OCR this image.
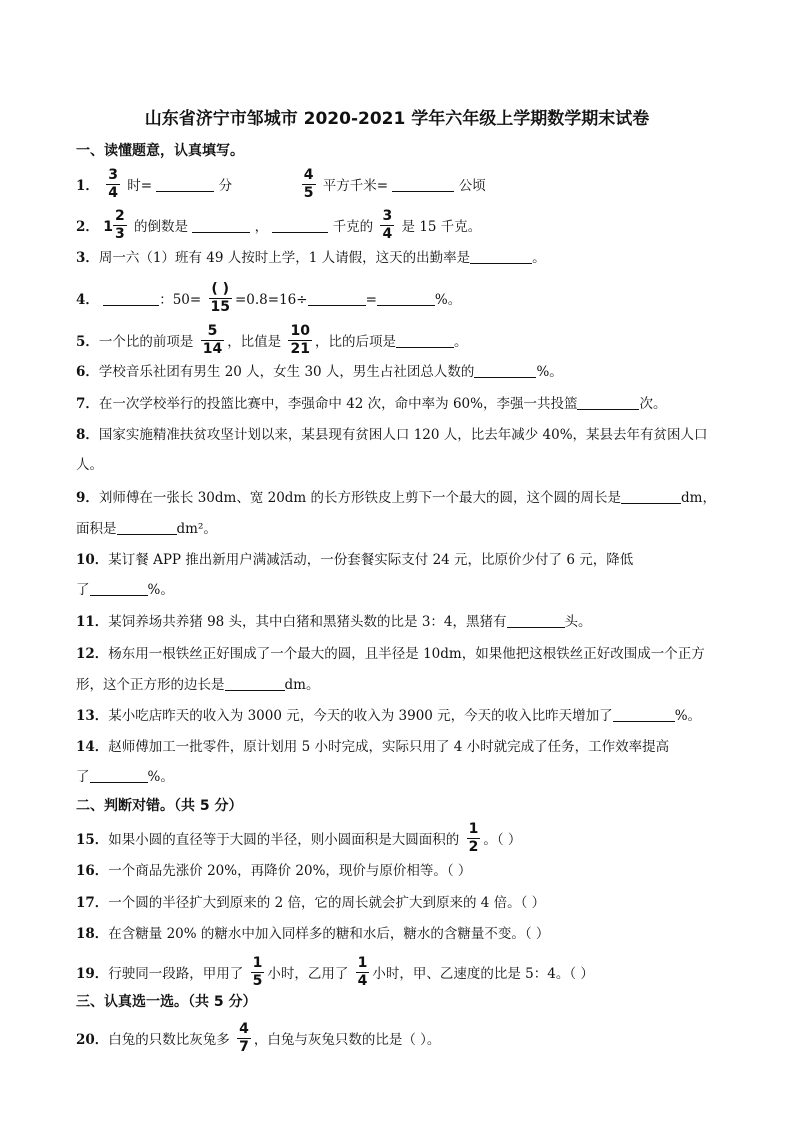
山东省济宁市邹城市 2020-2021 学年六年级上学期数学期末试卷
一、读懂题意，认真填写。
1． $\frac{3}{4}$ 时=	分	$\frac{4}{5}$ 平方千米=	公顷
2． $1 \frac{2}{3}$ 的倒数是	，	千克的 $\frac{3}{4}$ 是 15 千克。
3．周一六（1）班有 49 人按时上学，1 人请假，这天的出勤率是	。
4．	：$50= \frac{( )}{15} =0.8=16\div$	=	%。
5．一个比的前项是 $\frac{5}{14}$ ，比值是 $\frac{10}{21}$ ，比的后项是	。
6．学校音乐社团有男生 20 人，女生 30 人，男生占社团总人数的	%。
7．在一次学校举行的投篮比赛中，李强命中 42 次，命中率为 60%，李强一共投篮	次。
8．国家实施精准扶贫攻坚计划以来，某县现有贫困人口 120 人，比去年减少 40%，某县去年有贫困人口
人。
9．刘师傅在一张长 30dm、宽 20dm 的长方形铁皮上剪下一个最大的圆，这个圆的周长是	dm，
面积是	dm²。
10．某订餐 APP 推出新用户满减活动，一份套餐实际支付 24 元，比原价少付了 6 元，降低
了	%。
11．某饲养场共养猪 98 头，其中白猪和黑猪头数的比是 3：4，黑猪有	头。
12．杨东用一根铁丝正好围成了一个最大的圆，且半径是 10dm，如果他把这根铁丝正好改围成一个正方
形，这个正方形的边长是	dm。
13．某小吃店昨天的收入为 3000 元，今天的收入为 3900 元，今天的收入比昨天增加了	%。
14．赵师傅加工一批零件，原计划用 5 小时完成，实际只用了 4 小时就完成了任务，工作效率提高
了	%。
二、判断对错。（共 5 分）
15．如果小圆的直径等于大圆的半径，则小圆面积是大圆面积的 $\frac{1}{2}$ 。（ ）
16．一个商品先涨价 20%，再降价 20%，现价与原价相等。（ ）
17．一个圆的半径扩大到原来的 2 倍，它的周长就会扩大到原来的 4 倍。（ ）
18．在含糖量 20% 的糖水中加入同样多的糖和水后，糖水的含糖量不变。（ ）
19．行驶同一段路，甲用了 $\frac{1}{5}$ 小时，乙用了 $\frac{1}{4}$ 小时，甲、乙速度的比是 5：4。（ ）
三、认真选一选。（共 5 分）
20．白兔的只数比灰兔多 $\frac{4}{7}$ ，白兔与灰兔只数的比是（ ）。
